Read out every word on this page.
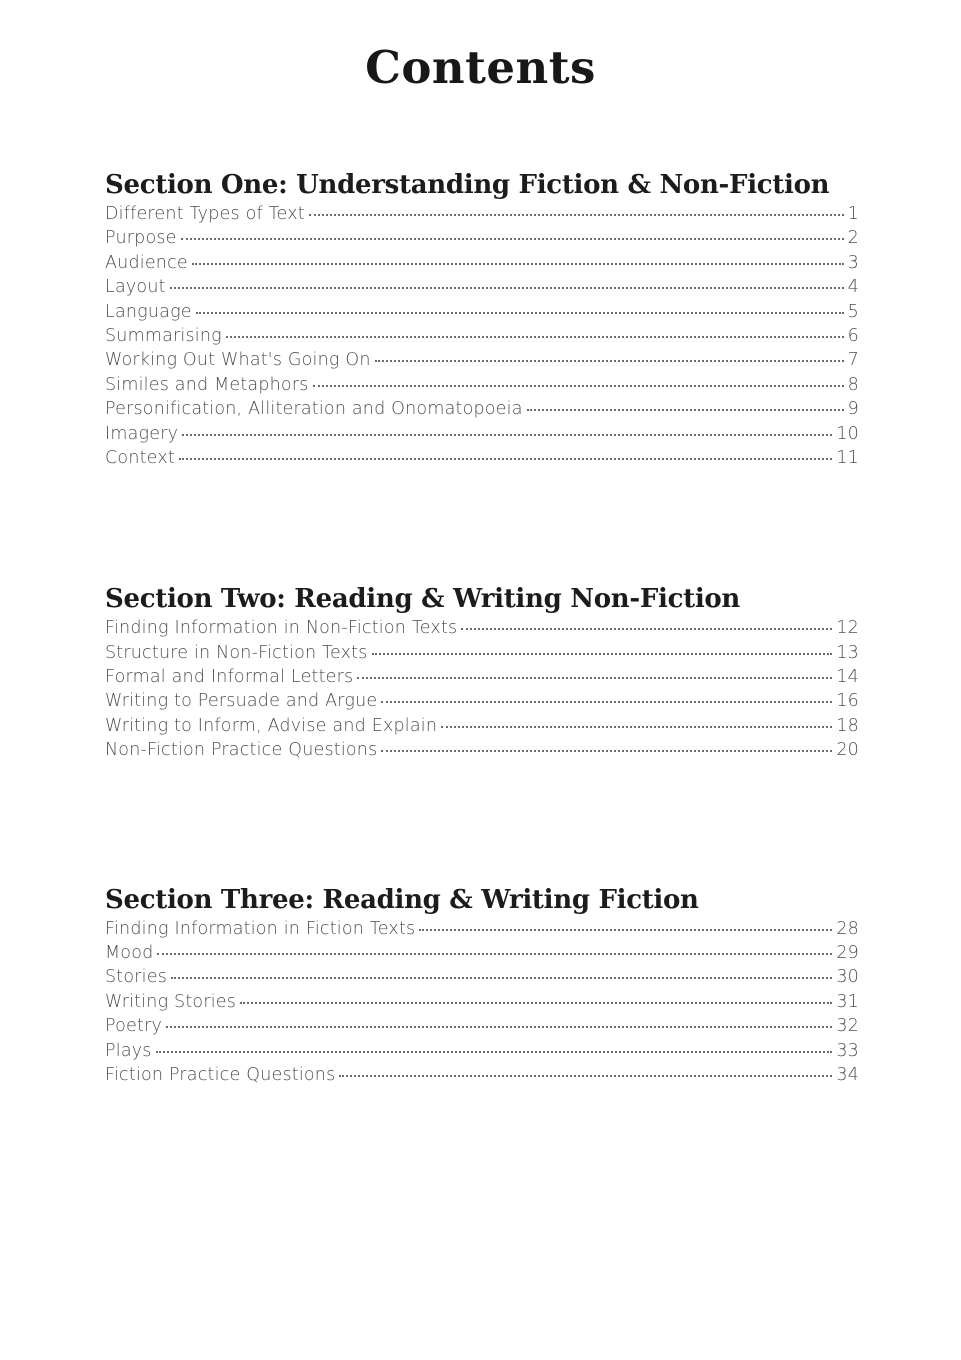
Contents
Section One: Understanding Fiction & Non-Fiction
Different Types of Text	1
Purpose	2
Audience	3
Layout	4
Language	5
Summarising	6
Working Out What's Going On	7
Similes and Metaphors	8
Personification, Alliteration and Onomatopoeia	9
Imagery	10
Context	11
Section Two: Reading & Writing Non-Fiction
Finding Information in Non-Fiction Texts	12
Structure in Non-Fiction Texts	13
Formal and Informal Letters	14
Writing to Persuade and Argue	16
Writing to Inform, Advise and Explain	18
Non-Fiction Practice Questions	20
Section Three: Reading & Writing Fiction
Finding Information in Fiction Texts	28
Mood	29
Stories	30
Writing Stories	31
Poetry	32
Plays	33
Fiction Practice Questions	34
